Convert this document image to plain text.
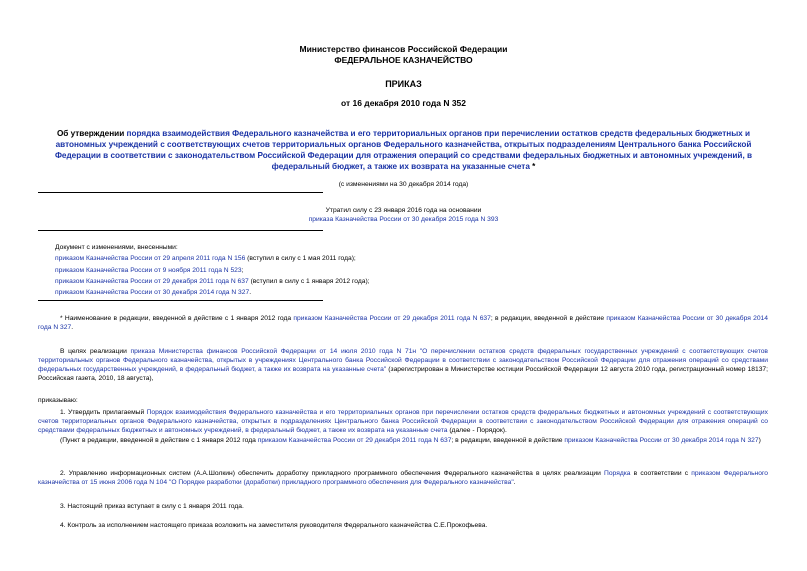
Министерство финансов Российской Федерации
ФЕДЕРАЛЬНОЕ КАЗНАЧЕЙСТВО
ПРИКАЗ
от 16 декабря 2010 года N 352
Об утверждении порядка взаимодействия Федерального казначейства и его территориальных органов при перечислении остатков средств федеральных бюджетных и автономных учреждений с соответствующих счетов территориальных органов Федерального казначейства, открытых подразделениям Центрального банка Российской Федерации в соответствии с законодательством Российской Федерации для отражения операций со средствами федеральных бюджетных и автономных учреждений, в федеральный бюджет, а также их возврата на указанные счета *
(с изменениями на 30 декабря 2014 года)
Утратил силу с 23 января 2016 года на основании
приказа Казначейства России от 30 декабря 2015 года N 393
Документ с изменениями, внесенными:
приказом Казначейства России от 29 апреля 2011 года N 156 (вступил в силу с 1 мая 2011 года);
приказом Казначейства России от 9 ноября 2011 года N 523;
приказом Казначейства России от 29 декабря 2011 года N 637 (вступил в силу с 1 января 2012 года);
приказом Казначейства России от 30 декабря 2014 года N 327.
* Наименование в редакции, введенной в действие с 1 января 2012 года приказом Казначейства России от 29 декабря 2011 года N 637; в редакции, введенной в действие приказом Казначейства России от 30 декабря 2014 года N 327.
В целях реализации приказа Министерства финансов Российской Федерации от 14 июля 2010 года N 71н "О перечислении остатков средств федеральных государственных учреждений с соответствующих счетов территориальных органов Федерального казначейства, открытых в учреждениях Центрального банка Российской Федерации в соответствии с законодательством Российской Федерации для отражения операций со средствами федеральных государственных учреждений, в федеральный бюджет, а также их возврата на указанные счета" (зарегистрирован в Министерстве юстиции Российской Федерации 12 августа 2010 года, регистрационный номер 18137; Российская газета, 2010, 18 августа),
приказываю:
1. Утвердить прилагаемый Порядок взаимодействия Федерального казначейства и его территориальных органов при перечислении остатков средств федеральных бюджетных и автономных учреждений с соответствующих счетов территориальных органов Федерального казначейства, открытых в подразделениях Центрального банка Российской Федерации в соответствии с законодательством Российской Федерации для отражения операций со средствами федеральных бюджетных и автономных учреждений, в федеральный бюджет, а также их возврата на указанные счета (далее - Порядок).
(Пункт в редакции, введенной в действие с 1 января 2012 года приказом Казначейства России от 29 декабря 2011 года N 637; в редакции, введенной в действие приказом Казначейства России от 30 декабря 2014 года N 327)
2. Управлению информационных систем (А.А.Шолкин) обеспечить доработку прикладного программного обеспечения Федерального казначейства в целях реализации Порядка в соответствии с приказом Федерального казначейства от 15 июня 2006 года N 104 "О Порядке разработки (доработки) прикладного программного обеспечения для Федерального казначейства".
3. Настоящий приказ вступает в силу с 1 января 2011 года.
4. Контроль за исполнением настоящего приказа возложить на заместителя руководителя Федерального казначейства С.Е.Прокофьева.
